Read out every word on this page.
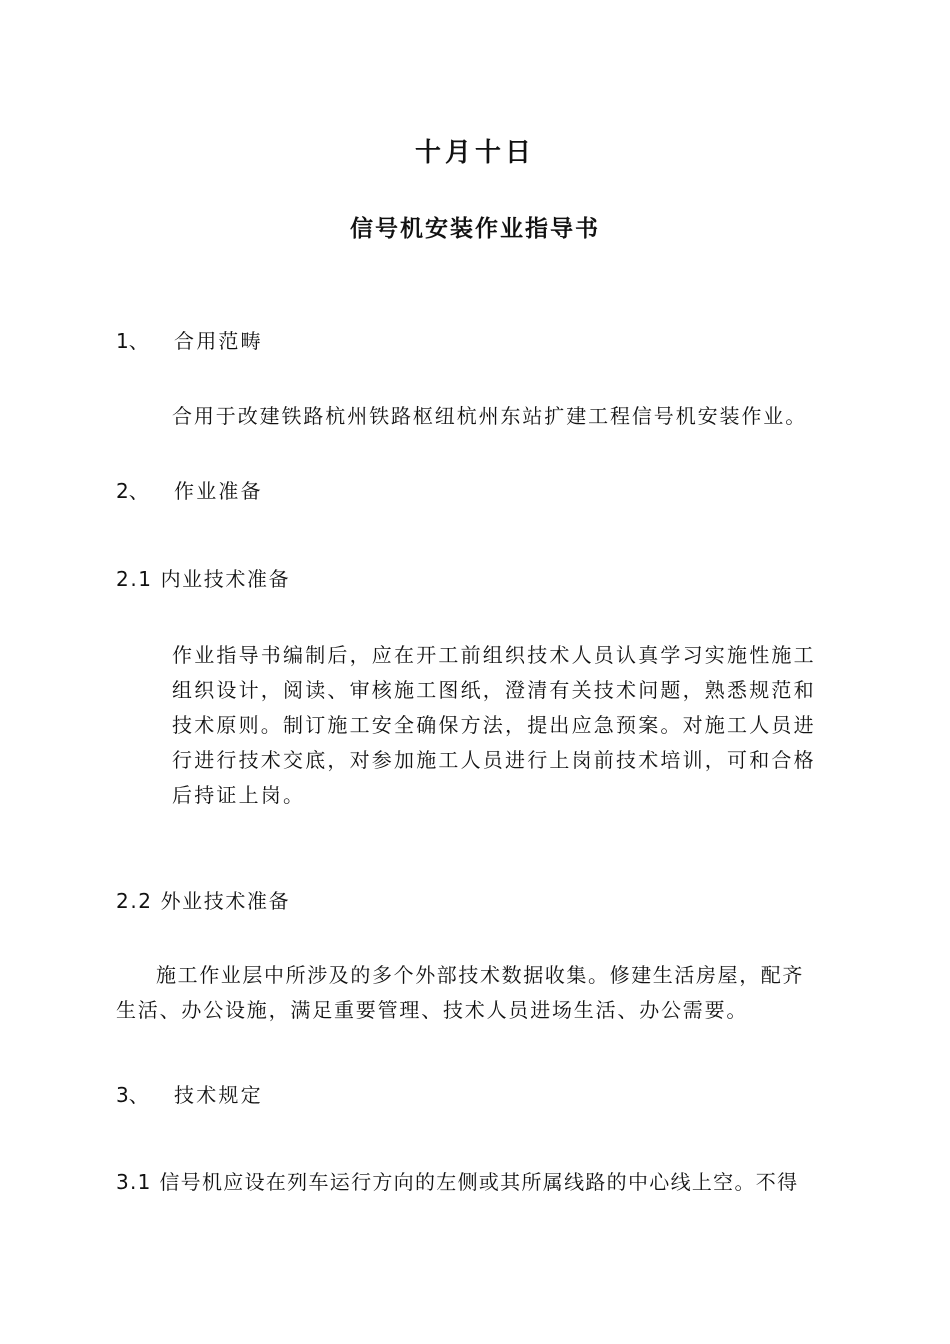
十月十日
信号机安装作业指导书
1、 合用范畴

合用于改建铁路杭州铁路枢纽杭州东站扩建工程信号机安装作业。

2、 作业准备
2.1 内业技术准备
作业指导书编制后，应在开工前组织技术人员认真学习实施性施工
组织设计，阅读、审核施工图纸，澄清有关技术问题，熟悉规范和
技术原则。制订施工安全确保方法，提出应急预案。对施工人员进
行进行技术交底，对参加施工人员进行上岗前技术培训，可和合格
后持证上岗。
2.2 外业技术准备
施工作业层中所涉及的多个外部技术数据收集。修建生活房屋，配齐
生活、办公设施，满足重要管理、技术人员进场生活、办公需要。
3、 技术规定

3.1 信号机应设在列车运行方向的左侧或其所属线路的中心线上空。不得
